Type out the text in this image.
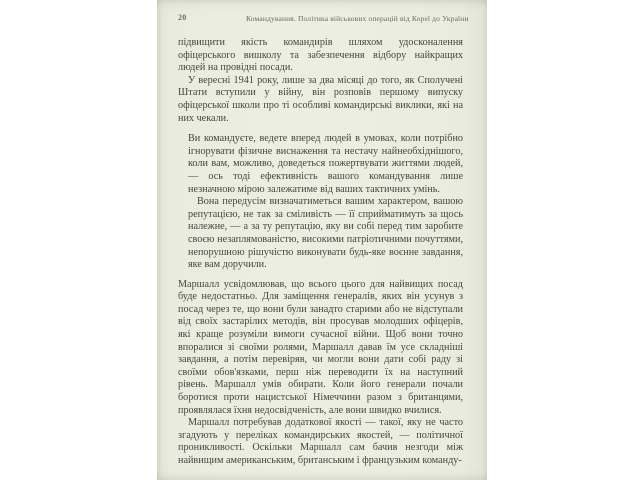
20	Командування. Політика військових операцій від Кореї до України

підвищити якість командирів шляхом удосконалення офіцерського вишколу та забезпечення відбору найкращих людей на провідні посади.

У вересні 1941 року, лише за два місяці до того, як Сполучені Штати вступили у війну, він розповів першому випуску офіцерської школи про ті особливі командирські виклики, які на них чекали.

Ви командуєте, ведете вперед людей в умовах, коли потрібно ігнорувати фізичне виснаження та нестачу найнеобхіднішого, коли вам, можливо, доведеться пожертвувати життями людей, — ось тоді ефективність вашого командування лише незначною мірою залежатиме від ваших тактичних умінь.

Вона передусім визначатиметься вашим характером, вашою репутацією, не так за сміливість — її сприйматимуть за щось належне, — а за ту репутацію, яку ви собі перед тим заробите своєю незаплямованістю, високими патріотичними почуттями, непорушною рішучістю виконувати будь-яке воєнне завдання, яке вам доручили.

Маршалл усвідомлював, що всього цього для найвищих посад буде недостатньо. Для заміщення генералів, яких він усунув з посад через те, що вони були занадто старими або не відступали від своїх застарілих методів, він просував молодших офіцерів, які краще розуміли вимоги сучасної війни. Щоб вони точно впоралися зі своїми ролями, Маршалл давав їм усе складніші завдання, а потім перевіряв, чи могли вони дати собі раду зі своїми обов'язками, перш ніж переводити їх на наступний рівень. Маршалл умів обирати. Коли його генерали почали боротися проти нацистської Німеччини разом з британцями, проявлялася їхня недосвідченість, але вони швидко вчилися.

Маршалл потребував додаткової якості — такої, яку не часто згадують у переліках командирських якостей, — політичної проникливості. Оскільки Маршалл сам бачив незгоди між найвищим американським, британським і французьким команду-
